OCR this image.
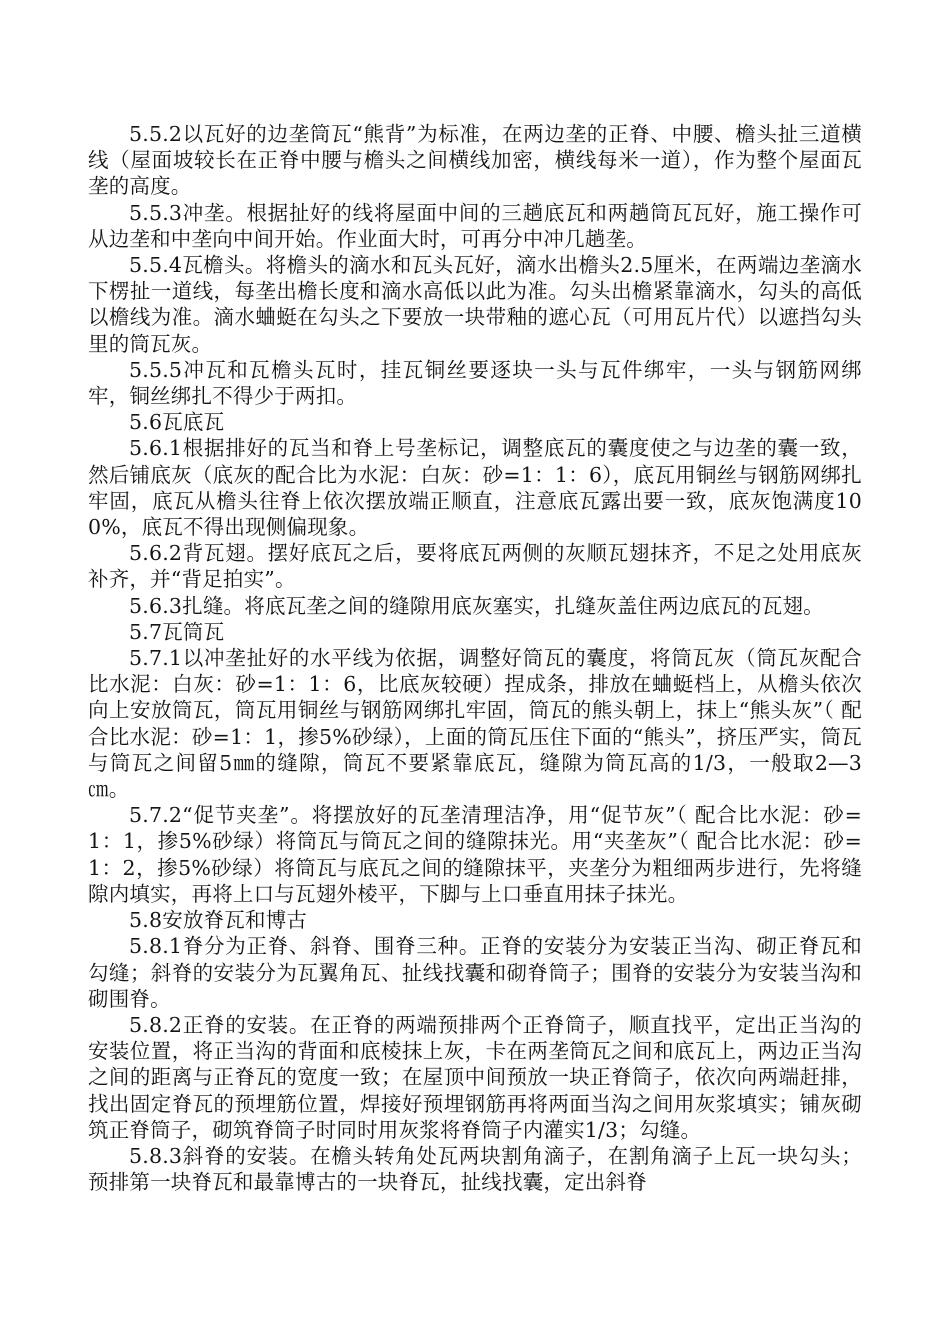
5.5.2以瓦好的边垄筒瓦“熊背”为标准，在两边垄的正脊、中腰、檐头扯三道横线（屋面坡较长在正脊中腰与檐头之间横线加密，横线每米一道），作为整个屋面瓦垄的高度。

5.5.3冲垄。根据扯好的线将屋面中间的三趟底瓦和两趟筒瓦瓦好，施工操作可从边垄和中垄向中间开始。作业面大时，可再分中冲几趟垄。

5.5.4瓦檐头。将檐头的滴水和瓦头瓦好，滴水出檐头2.5厘米，在两端边垄滴水下楞扯一道线，每垄出檐长度和滴水高低以此为准。勾头出檐紧靠滴水，勾头的高低以檐线为准。滴水蛐蜓在勾头之下要放一块带釉的遮心瓦（可用瓦片代）以遮挡勾头里的筒瓦灰。

5.5.5冲瓦和瓦檐头瓦时，挂瓦铜丝要逐块一头与瓦件绑牢，一头与钢筋网绑牢，铜丝绑扎不得少于两扣。

5.6瓦底瓦

5.6.1根据排好的瓦当和脊上号垄标记，调整底瓦的囊度使之与边垄的囊一致，然后铺底灰（底灰的配合比为水泥：白灰：砂=1：1：6），底瓦用铜丝与钢筋网绑扎牢固，底瓦从檐头往脊上依次摆放端正顺直，注意底瓦露出要一致，底灰饱满度100%，底瓦不得出现侧偏现象。

5.6.2背瓦翅。摆好底瓦之后，要将底瓦两侧的灰顺瓦翅抹齐，不足之处用底灰补齐，并“背足拍实”。

5.6.3扎缝。将底瓦垄之间的缝隙用底灰塞实，扎缝灰盖住两边底瓦的瓦翅。

5.7瓦筒瓦

5.7.1以冲垄扯好的水平线为依据，调整好筒瓦的囊度，将筒瓦灰（筒瓦灰配合比水泥：白灰：砂=1：1：6，比底灰较硬）捏成条，排放在蛐蜓档上，从檐头依次向上安放筒瓦，筒瓦用铜丝与钢筋网绑扎牢固，筒瓦的熊头朝上，抹上“熊头灰”（ 配合比水泥：砂=1：1，掺5%砂绿），上面的筒瓦压住下面的“熊头”，挤压严实，筒瓦与筒瓦之间留5㎜的缝隙，筒瓦不要紧靠底瓦，缝隙为筒瓦高的1/3，一般取2—3㎝。

5.7.2“促节夹垄”。将摆放好的瓦垄清理洁净，用“促节灰”（ 配合比水泥：砂=1：1，掺5%砂绿）将筒瓦与筒瓦之间的缝隙抹光。用“夹垄灰”（ 配合比水泥：砂=1：2，掺5%砂绿）将筒瓦与底瓦之间的缝隙抹平，夹垄分为粗细两步进行，先将缝隙内填实，再将上口与瓦翅外棱平，下脚与上口垂直用抹子抹光。

5.8安放脊瓦和博古

5.8.1脊分为正脊、斜脊、围脊三种。正脊的安装分为安装正当沟、砌正脊瓦和勾缝；斜脊的安装分为瓦翼角瓦、扯线找囊和砌脊筒子；围脊的安装分为安装当沟和砌围脊。

5.8.2正脊的安装。在正脊的两端预排两个正脊筒子，顺直找平，定出正当沟的安装位置，将正当沟的背面和底棱抹上灰，卡在两垄筒瓦之间和底瓦上，两边正当沟之间的距离与正脊瓦的宽度一致；在屋顶中间预放一块正脊筒子，依次向两端赶排，找出固定脊瓦的预埋筋位置，焊接好预埋钢筋再将两面当沟之间用灰浆填实；铺灰砌筑正脊筒子，砌筑脊筒子时同时用灰浆将脊筒子内灌实1/3；勾缝。

5.8.3斜脊的安装。在檐头转角处瓦两块割角滴子，在割角滴子上瓦一块勾头；预排第一块脊瓦和最靠博古的一块脊瓦，扯线找囊，定出斜脊
